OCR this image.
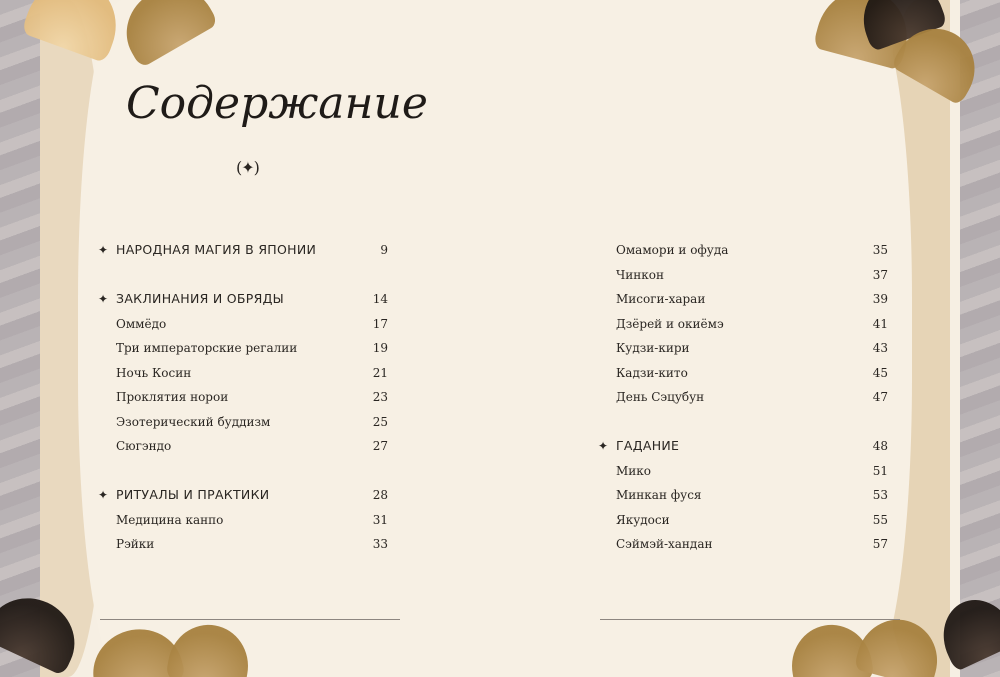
Содержание
(✦)
✦ НАРОДНАЯ МАГИЯ В ЯПОНИИ	9
✦ ЗАКЛИНАНИЯ И ОБРЯДЫ	14
Оммёдо	17
Три императорские регалии	19
Ночь Косин	21
Проклятия норои	23
Эзотерический буддизм	25
Сюгэндо	27
✦ РИТУАЛЫ И ПРАКТИКИ	28
Медицина канпо	31
Рэйки	33
Омамори и офуда	35
Чинкон	37
Мисоги-хараи	39
Дзёрей и окиёмэ	41
Кудзи-кири	43
Кадзи-кито	45
День Сэцубун	47
✦ ГАДАНИЕ	48
Мико	51
Минкан фуся	53
Якудоси	55
Сэймэй-хандан	57
